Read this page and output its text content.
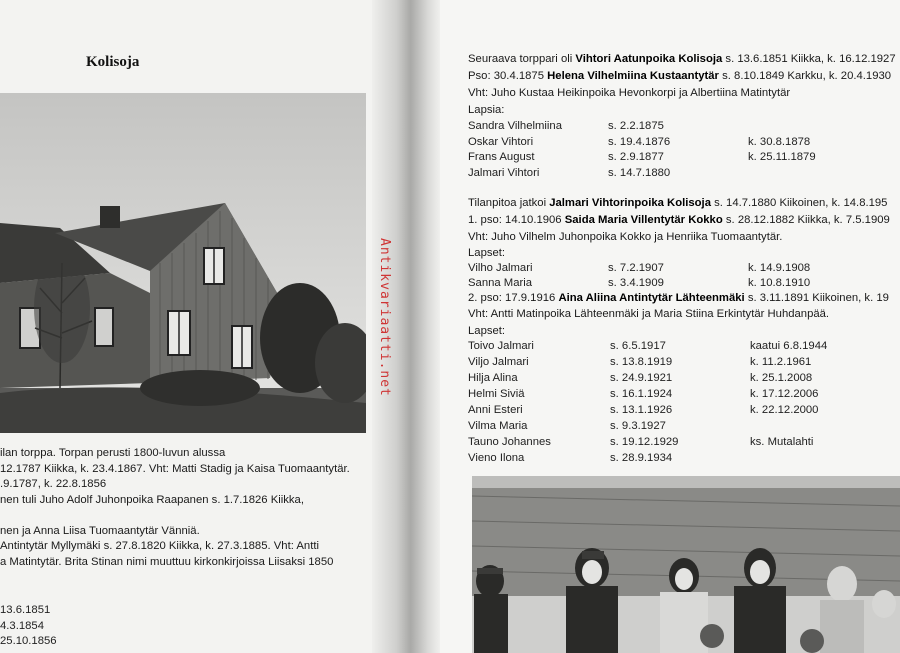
Kolisoja
ilan torppa. Torpan perusti 1800-luvun alussa
12.1787 Kiikka, k. 23.4.1867. Vht: Matti Stadig ja Kaisa Tuomaantytär.
.9.1787, k. 22.8.1856
nen tuli Juho Adolf Juhonpoika Raapanen s. 1.7.1826 Kiikka,
nen ja Anna Liisa Tuomaantytär Vänniä.
Antintytär Myllymäki s. 27.8.1820 Kiikka, k. 27.3.1885. Vht: Antti
a Matintytär. Brita Stinan nimi muuttuu kirkonkirjoissa Liisaksi 1850
13.6.1851
4.3.1854
25.10.1856
Antikvariaatti.net
Seuraava torppari oli Vihtori Aatunpoika Kolisoja s. 13.6.1851 Kiikka, k. 16.12.1927
Pso: 30.4.1875 Helena Vilhelmiina Kustaantytär s. 8.10.1849 Karkku, k. 20.4.1930
Vht: Juho Kustaa Heikinpoika Hevonkorpi ja Albertiina Matintytär
Lapsia:
Sandra Vilhelmiina	s. 2.2.1875
Oskar Vihtori	s. 19.4.1876	k. 30.8.1878
Frans August	s. 2.9.1877	k. 25.11.1879
Jalmari Vihtori	s. 14.7.1880
Tilanpitoa jatkoi Jalmari Vihtorinpoika Kolisoja s. 14.7.1880 Kiikoinen, k. 14.8.195
1. pso: 14.10.1906 Saida Maria Villentytär Kokko s. 28.12.1882 Kiikka, k. 7.5.1909
Vht: Juho Vilhelm Juhonpoika Kokko ja Henriika Tuomaantytär.
Lapset:
Vilho Jalmari	s. 7.2.1907	k. 14.9.1908
Sanna Maria	s. 3.4.1909	k. 10.8.1910
2. pso: 17.9.1916 Aina Aliina Antintytär Lähteenmäki s. 3.11.1891 Kiikoinen, k. 19
Vht: Antti Matinpoika Lähteenmäki ja Maria Stiina Erkintytär Huhdanpää.
Lapset:
Toivo Jalmari	s. 6.5.1917	kaatui 6.8.1944
Viljo Jalmari	s. 13.8.1919	k. 11.2.1961
Hilja Alina	s. 24.9.1921	k. 25.1.2008
Helmi Siviä	s. 16.1.1924	k. 17.12.2006
Anni Esteri	s. 13.1.1926	k. 22.12.2000
Vilma Maria	s. 9.3.1927
Tauno Johannes	s. 19.12.1929	ks. Mutalahti
Vieno Ilona	s. 28.9.1934
